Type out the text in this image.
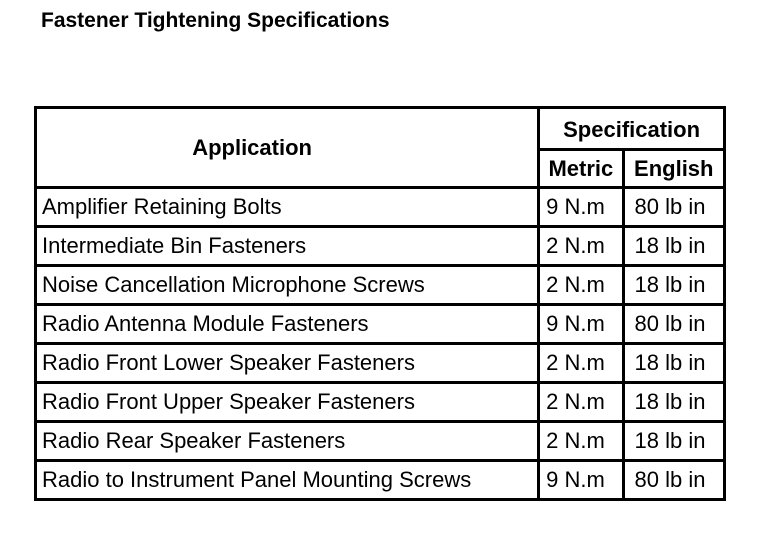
Fastener Tightening Specifications
Application	Specification	
	Metric	English
Amplifier Retaining Bolts	9 N.m	80 lb in
Intermediate Bin Fasteners	2 N.m	18 lb in
Noise Cancellation Microphone Screws	2 N.m	18 lb in
Radio Antenna Module Fasteners	9 N.m	80 lb in
Radio Front Lower Speaker Fasteners	2 N.m	18 lb in
Radio Front Upper Speaker Fasteners	2 N.m	18 lb in
Radio Rear Speaker Fasteners	2 N.m	18 lb in
Radio to Instrument Panel Mounting Screws	9 N.m	80 lb in
